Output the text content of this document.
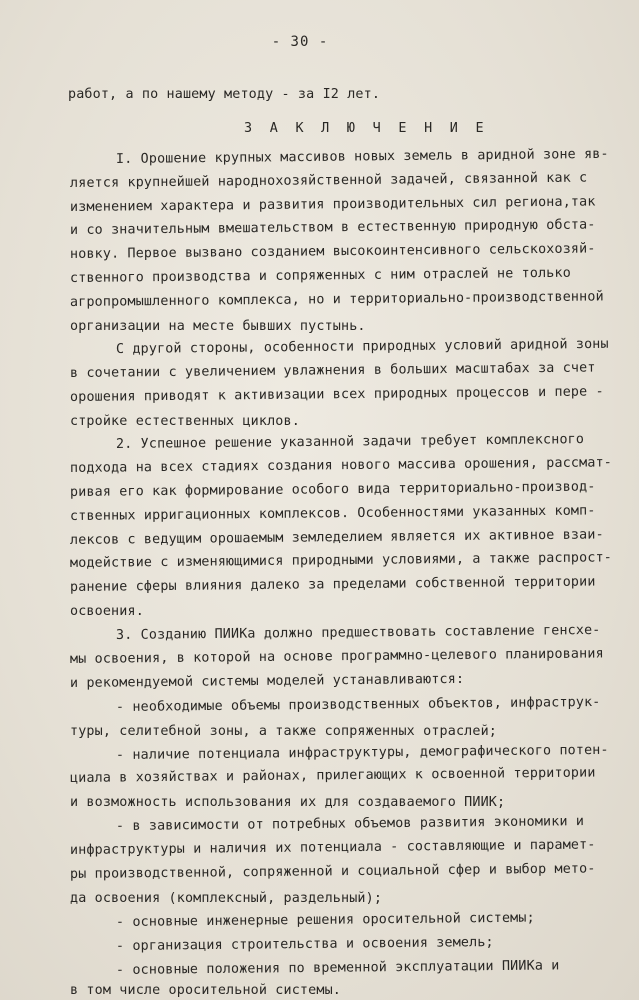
- 30 -
работ, а по нашему методу - за I2 лет.
З А К Л Ю Ч Е Н И Е
I. Орошение крупных массивов новых земель в аридной зоне яв-
ляется крупнейшей народнохозяйственной задачей, связанной как с
изменением характера и развития производительных сил региона,так
и со значительным вмешательством в естественную природную обста-
новку. Первое вызвано созданием высокоинтенсивного сельскохозяй-
ственного производства и сопряженных с ним отраслей не только
агропромышленного комплекса, но и территориально-производственной
организации на месте бывших пустынь.
С другой стороны, особенности природных условий аридной зоны
в сочетании с увеличением увлажнения в больших масштабах за счет
орошения приводят к активизации всех природных процессов и пере -
стройке естественных циклов.
2. Успешное решение указанной задачи требует комплексного
подхода на всех стадиях создания нового массива орошения, рассмат-
ривая его как формирование особого вида территориально-производ-
ственных ирригационных комплексов. Особенностями указанных комп-
лексов с ведущим орошаемым земледелием является их активное взаи-
модействие с изменяющимися природными условиями, а также распрост-
ранение сферы влияния далеко за пределами собственной территории
освоения.
3. Созданию ПИИКа должно предшествовать составление генсхе-
мы освоения, в которой на основе программно-целевого планирования
и рекомендуемой системы моделей устанавливаются:
- необходимые объемы производственных объектов, инфраструк-
туры, селитебной зоны, а также сопряженных отраслей;
- наличие потенциала инфраструктуры, демографического потен-
циала в хозяйствах и районах, прилегающих к освоенной территории
и возможность использования их для создаваемого ПИИК;
- в зависимости от потребных объемов развития экономики и
инфраструктуры и наличия их потенциала - составляющие и парамет-
ры производственной, сопряженной и социальной сфер и выбор мето-
да освоения (комплексный, раздельный);
- основные инженерные решения оросительной системы;
- организация строительства и освоения земель;
- основные положения по временной эксплуатации ПИИКа и
в том числе оросительной системы.
